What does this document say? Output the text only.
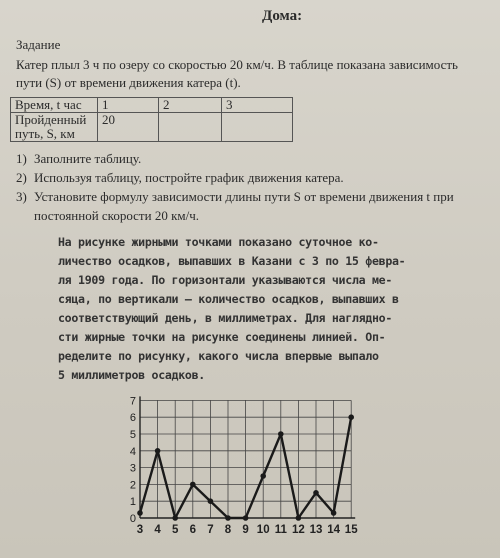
Дома:
Задание
Катер плыл 3 ч по озеру со скоростью 20 км/ч. В таблице показана зависимость
пути (S) от времени движения катера (t).
Время, t час	1	2	3

Пройденный
путь, S, км	20		
1) Заполните таблицу.
2) Используя таблицу, постройте график движения катера.
3) Установите формулу зависимости длины пути S от времени движения t при
постоянной скорости 20 км/ч.
На рисунке жирными точками показано суточное ко-
личество осадков, выпавших в Казани с 3 по 15 февра-
ля 1909 года. По горизонтали указываются числа ме-
сяца, по вертикали — количество осадков, выпавших в
соответствующий день, в миллиметрах. Для нагляднo-
сти жирные точки на рисунке соединены линией. Оп-
ределите по рисунку, какого числа впервые выпало
5 миллиметров осадков.
0
1
2
3
4
5
6
7
3 4 5 6 7 8 9 10 11 12 13 14 15
